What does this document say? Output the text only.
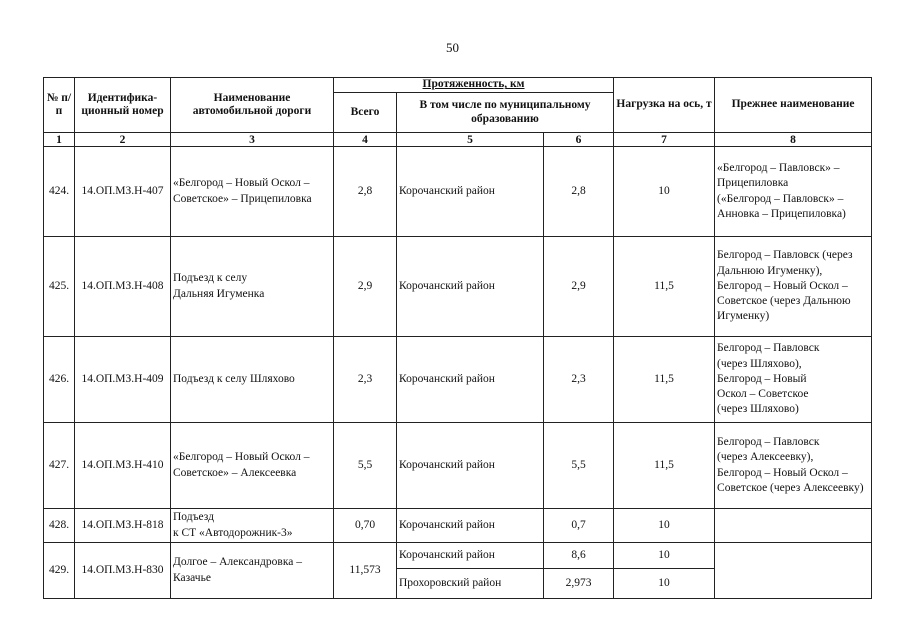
50
№ п/п	Идентифика-ционный номер	Наименование автомобильной дороги	Протяженность, км			Нагрузка на ось, т	Прежнее наименование
			Всего	В том числе по муниципальному образованию			
1	2	3	4	5	6	7	8
424.	14.ОП.МЗ.Н-407	«Белгород – Новый Оскол – Советское» – Прицепиловка	2,8	Корочанский район	2,8	10	«Белгород – Павловск» – Прицепиловка
(«Белгород – Павловск» – Анновка – Прицепиловка)
425.	14.ОП.МЗ.Н-408	Подъезд к селу
Дальняя Игуменка	2,9	Корочанский район	2,9	11,5	Белгород – Павловск (через Дальнюю Игуменку), Белгород – Новый Оскол – Советское (через Дальнюю Игуменку)
426.	14.ОП.МЗ.Н-409	Подъезд к селу Шляхово	2,3	Корочанский район	2,3	11,5	Белгород – Павловск
(через Шляхово),
Белгород – Новый
Оскол – Советское
(через Шляхово)
427.	14.ОП.МЗ.Н-410	«Белгород – Новый Оскол – Советское» – Алексеевка	5,5	Корочанский район	5,5	11,5	Белгород – Павловск
(через Алексеевку),
Белгород – Новый Оскол – Советское (через Алексеевку)
428.	14.ОП.МЗ.Н-818	Подъезд
к СТ «Автодорожник-3»	0,70	Корочанский район	0,7	10	
429.	14.ОП.МЗ.Н-830	Долгое – Александровка – Казачье	11,573	Корочанский район	8,6	10	
				Прохоровский район	2,973	10	
